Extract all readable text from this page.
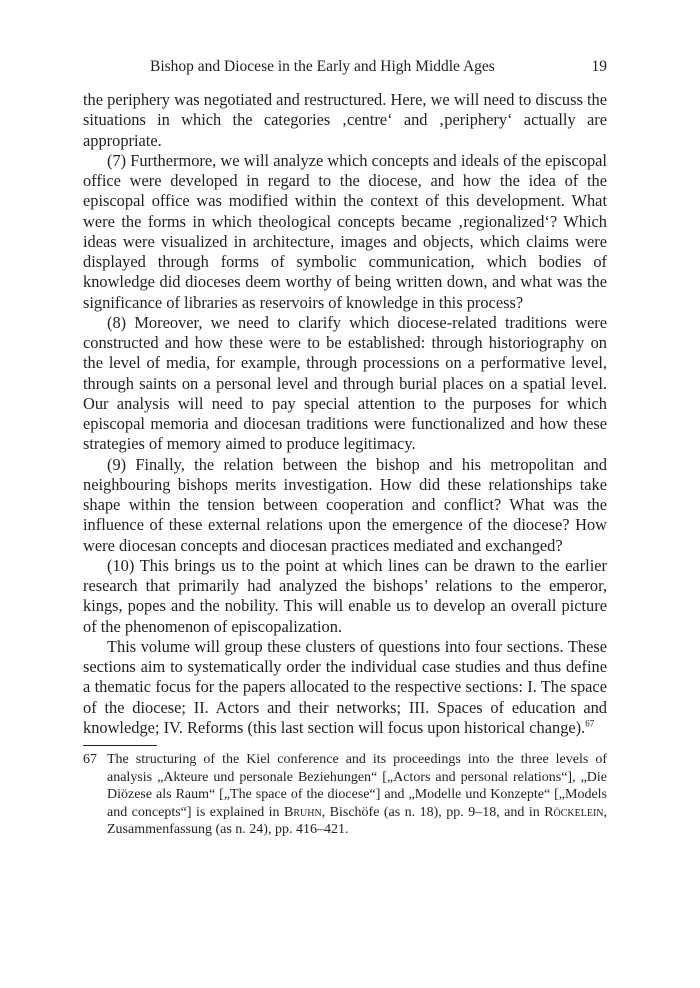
Bishop and Diocese in the Early and High Middle Ages	19

the periphery was negotiated and restructured. Here, we will need to discuss the situations in which the categories ‚centre‘ and ‚periphery‘ actually are appropriate.

(7) Furthermore, we will analyze which concepts and ideals of the episcopal office were developed in regard to the diocese, and how the idea of the episcopal office was modified within the context of this development. What were the forms in which theological concepts became ‚regionalized‘? Which ideas were visualized in architecture, images and objects, which claims were displayed through forms of symbolic communication, which bodies of knowledge did dioceses deem worthy of being written down, and what was the significance of libraries as reservoirs of knowledge in this process?

(8) Moreover, we need to clarify which diocese-related traditions were constructed and how these were to be established: through historiography on the level of media, for example, through processions on a performative level, through saints on a personal level and through burial places on a spatial level. Our analysis will need to pay special attention to the purposes for which episcopal memoria and diocesan traditions were functionalized and how these strategies of memory aimed to produce legitimacy.

(9) Finally, the relation between the bishop and his metropolitan and neighbouring bishops merits investigation. How did these relationships take shape within the tension between cooperation and conflict? What was the influence of these external relations upon the emergence of the diocese? How were diocesan concepts and diocesan practices mediated and exchanged?

(10) This brings us to the point at which lines can be drawn to the earlier research that primarily had analyzed the bishops’ relations to the emperor, kings, popes and the nobility. This will enable us to develop an overall picture of the phenomenon of episcopalization.

This volume will group these clusters of questions into four sections. These sections aim to systematically order the individual case studies and thus define a thematic focus for the papers allocated to the respective sections: I. The space of the diocese; II. Actors and their networks; III. Spaces of education and knowledge; IV. Reforms (this last section will focus upon historical change).$^{67}$

67 The structuring of the Kiel conference and its proceedings into the three levels of analysis „Akteure und personale Beziehungen“ [„Actors and personal relations“], „Die Diözese als Raum“ [„The space of the diocese“] and „Modelle und Konzepte“ [„Models and concepts“] is explained in Bruhn, Bischöfe (as n. 18), pp. 9–18, and in Röckelein, Zusammenfassung (as n. 24), pp. 416–421.
